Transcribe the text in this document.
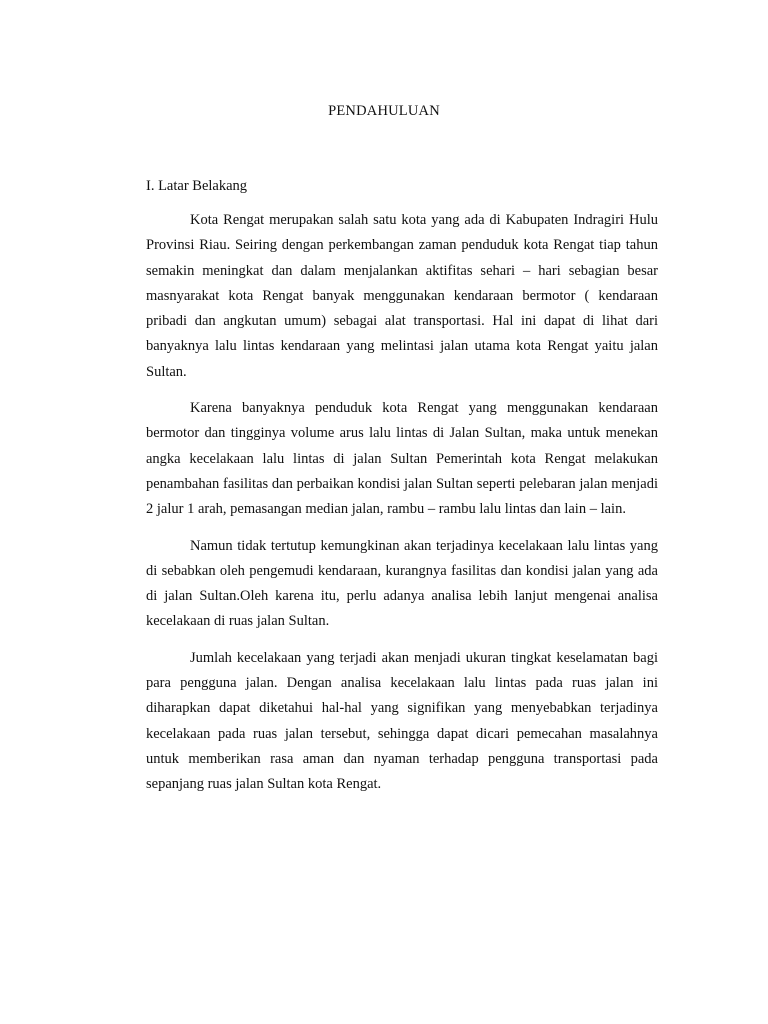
PENDAHULUAN
I. Latar Belakang

Kota Rengat merupakan salah satu kota yang ada di Kabupaten Indragiri Hulu Provinsi Riau. Seiring dengan perkembangan zaman penduduk kota Rengat tiap tahun semakin meningkat dan dalam menjalankan aktifitas sehari – hari sebagian besar masnyarakat kota Rengat banyak menggunakan kendaraan bermotor ( kendaraan pribadi dan angkutan umum) sebagai alat transportasi. Hal ini dapat di lihat dari banyaknya lalu lintas kendaraan yang melintasi jalan utama kota Rengat yaitu jalan Sultan.

Karena banyaknya penduduk kota Rengat yang menggunakan kendaraan bermotor dan tingginya volume arus lalu lintas di Jalan Sultan, maka untuk menekan angka kecelakaan lalu lintas di jalan Sultan Pemerintah kota Rengat melakukan penambahan fasilitas dan perbaikan kondisi jalan Sultan seperti pelebaran jalan menjadi 2 jalur 1 arah, pemasangan median jalan, rambu – rambu lalu lintas dan lain – lain.

Namun tidak tertutup kemungkinan akan terjadinya kecelakaan lalu lintas yang di sebabkan oleh pengemudi kendaraan, kurangnya fasilitas dan kondisi jalan yang ada di jalan Sultan.Oleh karena itu, perlu adanya analisa lebih lanjut mengenai analisa kecelakaan di ruas jalan Sultan.

Jumlah kecelakaan yang terjadi akan menjadi ukuran tingkat keselamatan bagi para pengguna jalan. Dengan analisa kecelakaan lalu lintas pada ruas jalan ini diharapkan dapat diketahui hal-hal yang signifikan yang menyebabkan terjadinya kecelakaan pada ruas jalan tersebut, sehingga dapat dicari pemecahan masalahnya untuk memberikan rasa aman dan nyaman terhadap pengguna transportasi pada sepanjang ruas jalan Sultan kota Rengat.
